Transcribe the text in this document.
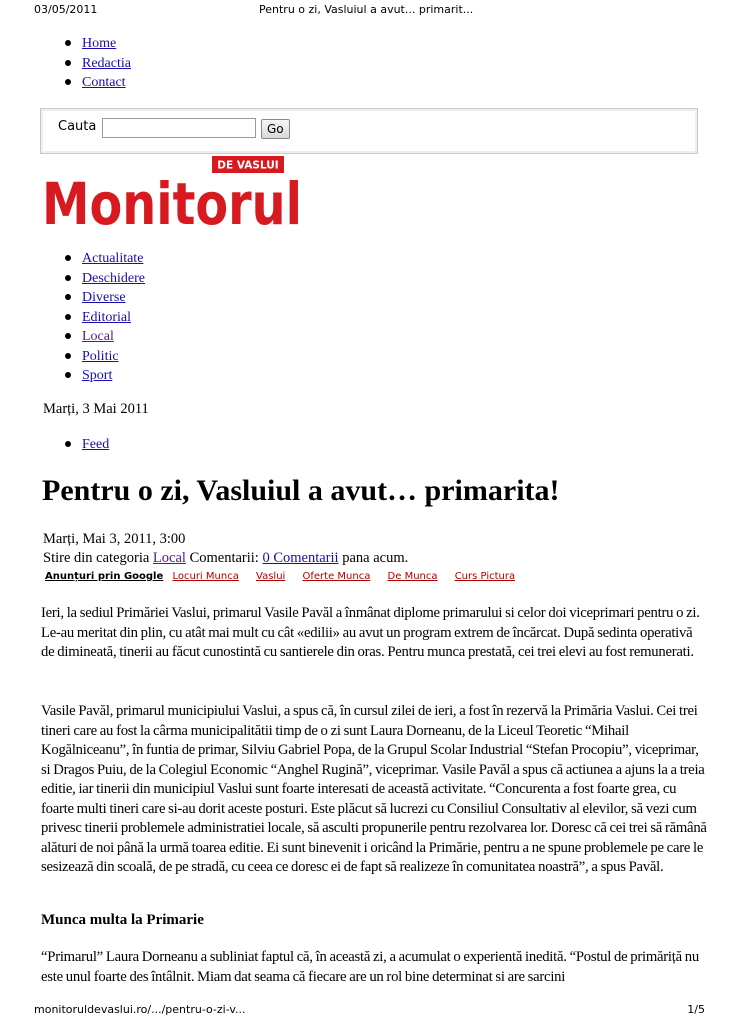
03/05/2011	Pentru o zi, Vasluiul a avut... primarit...
Home
Redactia
Contact
Cauta	Go
DE VASLUI
Monitorul
Actualitate
Deschidere
Diverse
Editorial
Local
Politic
Sport
Marți, 3 Mai 2011
Feed
Pentru o zi, Vasluiul a avut… primarita!
Marți, Mai 3, 2011, 3:00
Stire din categoria Local Comentarii: 0 Comentarii pana acum.
Anunțuri prin Google Locuri Munca Vaslui Oferte Munca De Munca Curs Pictura

Ieri, la sediul Primăriei Vaslui, primarul Vasile Pavăl a înmânat diplome primarului si celor doi viceprimari pentru o zi. Le-au meritat din plin, cu atât mai mult cu cât «edilii» au avut un program extrem de încărcat. După sedinta operativă de dimineată, tinerii au făcut cunostintă cu santierele din oras. Pentru munca prestată, cei trei elevi au fost remunerati.

Vasile Pavăl, primarul municipiului Vaslui, a spus că, în cursul zilei de ieri, a fost în rezervă la Primăria Vaslui. Cei trei tineri care au fost la cârma municipalitătii timp de o zi sunt Laura Dorneanu, de la Liceul Teoretic “Mihail Kogălniceanu”, în funtia de primar, Silviu Gabriel Popa, de la Grupul Scolar Industrial “Stefan Procopiu”, viceprimar, si Dragos Puiu, de la Colegiul Economic “Anghel Rugină”, viceprimar. Vasile Pavăl a spus că actiunea a ajuns la a treia editie, iar tinerii din municipiul Vaslui sunt foarte interesati de această activitate. “Concurenta a fost foarte grea, cu foarte multi tineri care si-au dorit aceste posturi. Este plăcut să lucrezi cu Consiliul Consultativ al elevilor, să vezi cum privesc tinerii problemele administratiei locale, să asculti propunerile pentru rezolvarea lor. Doresc că cei trei să rămână alături de noi până la urmă toarea editie. Ei sunt binevenit i oricând la Primărie, pentru a ne spune problemele pe care le sesizează din scoală, de pe stradă, cu ceea ce doresc ei de fapt să realizeze în comunitatea noastră”, a spus Pavăl.

Munca multa la Primarie

“Primarul” Laura Dorneanu a subliniat faptul că, în această zi, a acumulat o experientă inedită. “Postul de primăriță nu este unul foarte des întâlnit. Miam dat seama că fiecare are un rol bine determinat si are sarcini

monitoruldevaslui.ro/.../pentru-o-zi-v...	1/5
